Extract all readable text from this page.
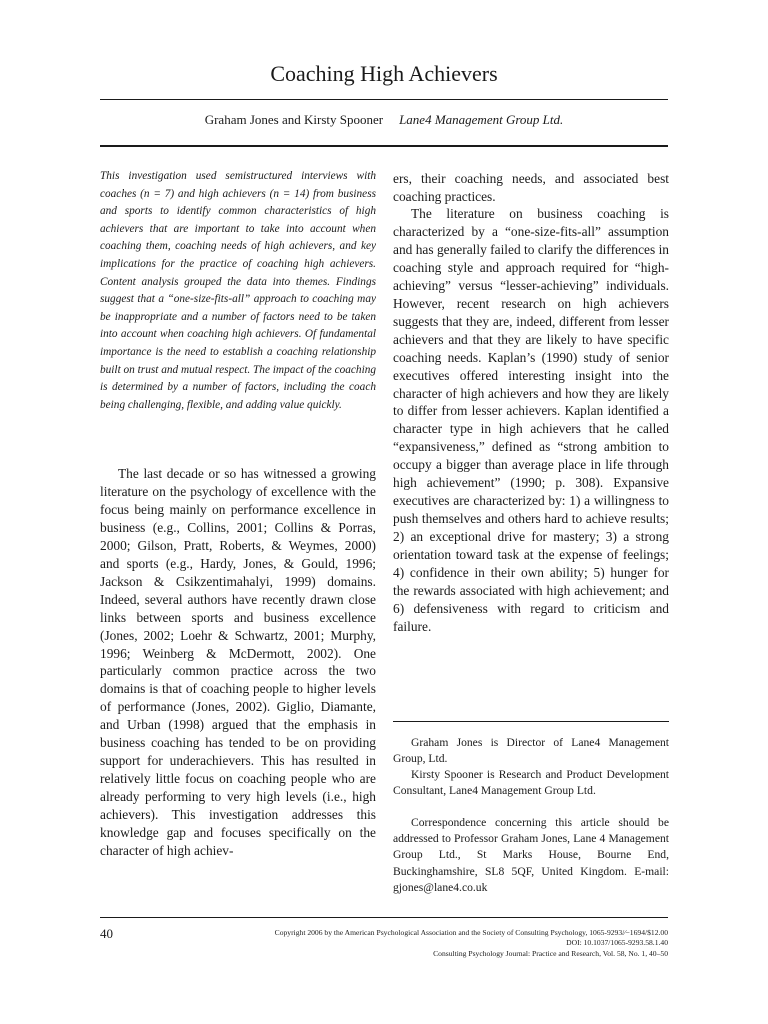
Coaching High Achievers
Graham Jones and Kirsty Spooner Lane4 Management Group Ltd.

This investigation used semistructured interviews with coaches (n = 7) and high achievers (n = 14) from business and sports to identify common characteristics of high achievers that are important to take into account when coaching them, coaching needs of high achievers, and key implications for the practice of coaching high achievers. Content analysis grouped the data into themes. Findings suggest that a “one-size-fits-all” approach to coaching may be inappropriate and a number of factors need to be taken into account when coaching high achievers. Of fundamental importance is the need to establish a coaching relationship built on trust and mutual respect. The impact of the coaching is determined by a number of factors, including the coach being challenging, flexible, and adding value quickly.

The last decade or so has witnessed a growing literature on the psychology of excellence with the focus being mainly on performance excellence in business (e.g., Collins, 2001; Collins & Porras, 2000; Gilson, Pratt, Roberts, & Weymes, 2000) and sports (e.g., Hardy, Jones, & Gould, 1996; Jackson & Csikzentimahalyi, 1999) domains. Indeed, several authors have recently drawn close links between sports and business excellence (Jones, 2002; Loehr & Schwartz, 2001; Murphy, 1996; Weinberg & McDermott, 2002). One particularly common practice across the two domains is that of coaching people to higher levels of performance (Jones, 2002). Giglio, Diamante, and Urban (1998) argued that the emphasis in business coaching has tended to be on providing support for underachievers. This has resulted in relatively little focus on coaching people who are already performing to very high levels (i.e., high achievers). This investigation addresses this knowledge gap and focuses specifically on the character of high achiev-

ers, their coaching needs, and associated best coaching practices.

The literature on business coaching is characterized by a “one-size-fits-all” assumption and has generally failed to clarify the differences in coaching style and approach required for “high-achieving” versus “lesser-achieving” individuals. However, recent research on high achievers suggests that they are, indeed, different from lesser achievers and that they are likely to have specific coaching needs. Kaplan’s (1990) study of senior executives offered interesting insight into the character of high achievers and how they are likely to differ from lesser achievers. Kaplan identified a character type in high achievers that he called “expansiveness,” defined as “strong ambition to occupy a bigger than average place in life through high achievement” (1990; p. 308). Expansive executives are characterized by: 1) a willingness to push themselves and others hard to achieve results; 2) an exceptional drive for mastery; 3) a strong orientation toward task at the expense of feelings; 4) confidence in their own ability; 5) hunger for the rewards associated with high achievement; and 6) defensiveness with regard to criticism and failure.

Graham Jones is Director of Lane4 Management Group, Ltd.

Kirsty Spooner is Research and Product Development Consultant, Lane4 Management Group Ltd.

Correspondence concerning this article should be addressed to Professor Graham Jones, Lane 4 Management Group Ltd., St Marks House, Bourne End, Buckinghamshire, SL8 5QF, United Kingdom. E-mail: gjones@lane4.co.uk

40	Copyright 2006 by the American Psychological Association and the Society of Consulting Psychology, 1065-9293/∕−1694/$12.00
DOI: 10.1037/1065-9293.58.1.40
Consulting Psychology Journal: Practice and Research, Vol. 58, No. 1, 40–50
